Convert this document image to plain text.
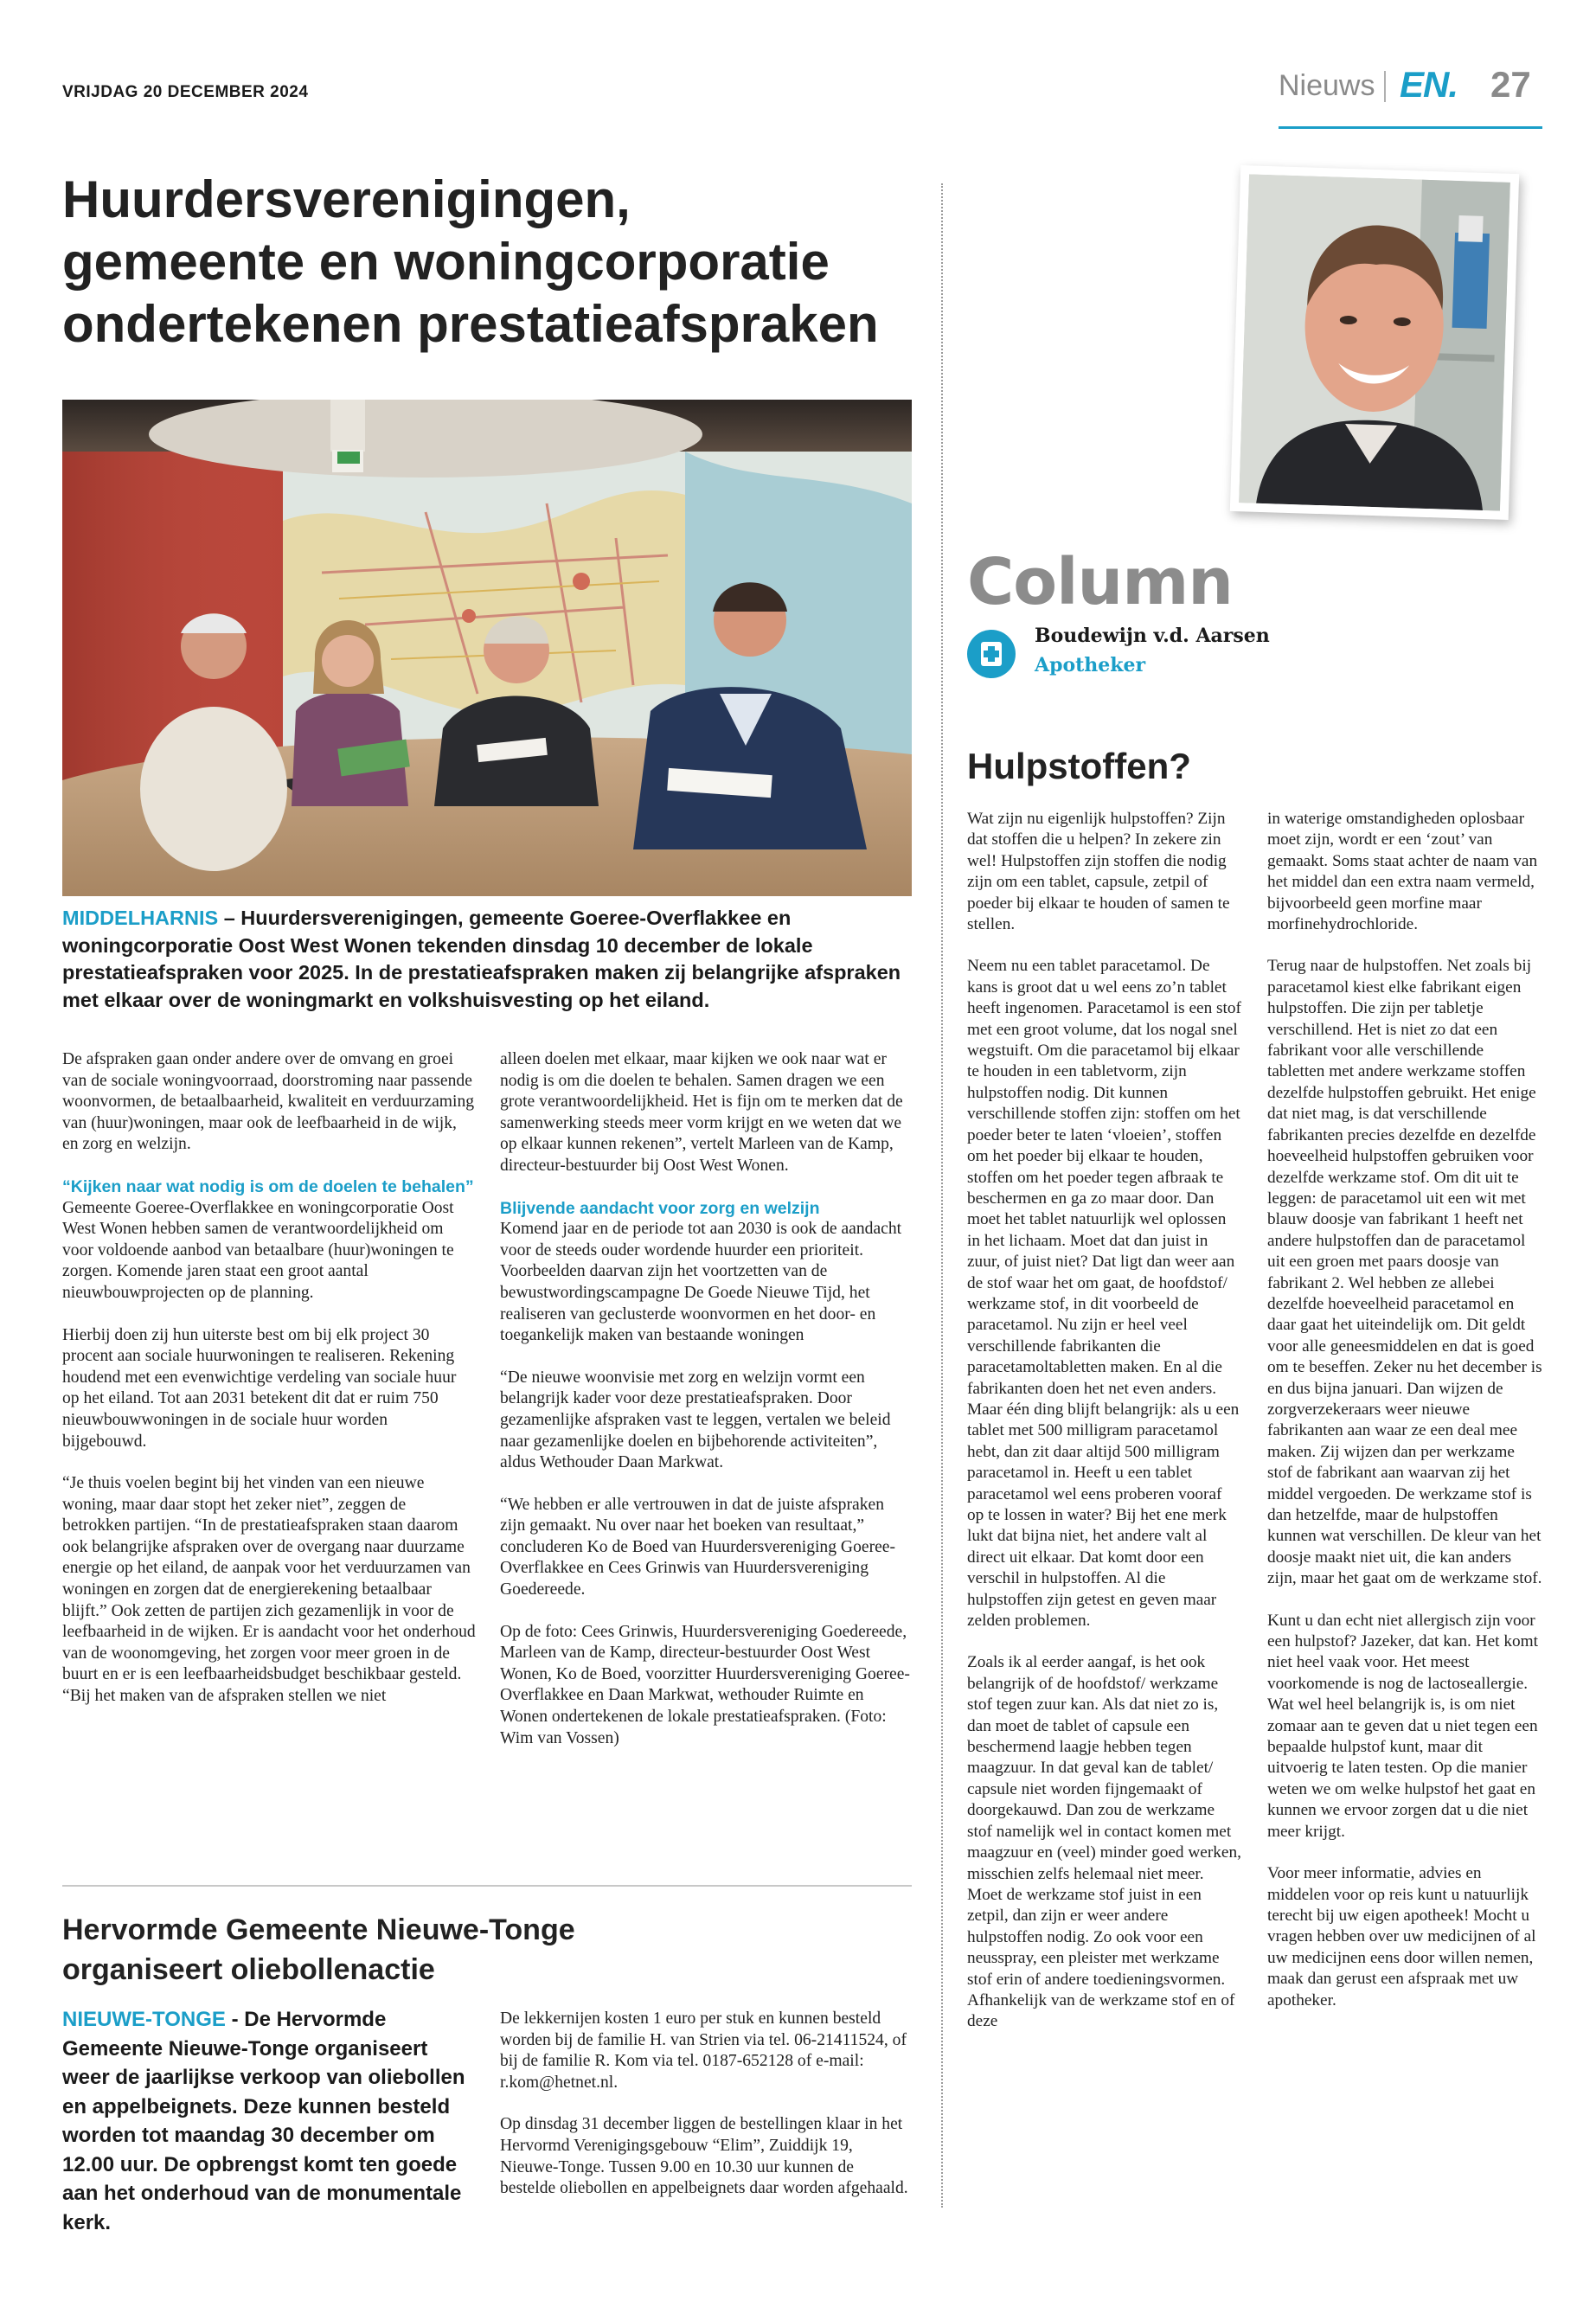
VRIJDAG 20 DECEMBER 2024	Nieuws EN. 27
Huurdersverenigingen,
gemeente en woningcorporatie
ondertekenen prestatieafspraken
MIDDELHARNIS – Huurdersverenigingen, gemeente Goeree-Overflakkee en woningcorporatie Oost West Wonen tekenden dinsdag 10 december de lokale prestatieafspraken voor 2025. In de prestatieafspraken maken zij belangrijke afspraken met elkaar over de woningmarkt en volkshuisvesting op het eiland.

De afspraken gaan onder andere over de omvang en groei van de sociale woningvoorraad, doorstroming naar passende woonvormen, de betaalbaarheid, kwaliteit en verduurzaming van (huur)woningen, maar ook de leefbaarheid in de wijk, en zorg en welzijn.

“Kijken naar wat nodig is om de doelen te behalen”

Gemeente Goeree-Overflakkee en woningcorporatie Oost West Wonen hebben samen de verantwoordelijkheid om voor voldoende aanbod van betaalbare (huur)woningen te zorgen. Komende jaren staat een groot aantal nieuwbouwprojecten op de planning.

Hierbij doen zij hun uiterste best om bij elk project 30 procent aan sociale huurwoningen te realiseren. Rekening houdend met een evenwichtige verdeling van sociale huur op het eiland. Tot aan 2031 betekent dit dat er ruim 750 nieuwbouwwoningen in de sociale huur worden bijgebouwd.

“Je thuis voelen begint bij het vinden van een nieuwe woning, maar daar stopt het zeker niet”, zeggen de betrokken partijen. “In de prestatieafspraken staan daarom ook belangrijke afspraken over de overgang naar duurzame energie op het eiland, de aanpak voor het verduurzamen van woningen en zorgen dat de energierekening betaalbaar blijft.” Ook zetten de partijen zich gezamenlijk in voor de leefbaarheid in de wijken. Er is aandacht voor het onderhoud van de woonomgeving, het zorgen voor meer groen in de buurt en er is een leefbaarheidsbudget beschikbaar gesteld.

“Bij het maken van de afspraken stellen we niet

alleen doelen met elkaar, maar kijken we ook naar wat er nodig is om die doelen te behalen. Samen dragen we een grote verantwoordelijkheid. Het is fijn om te merken dat de samenwerking steeds meer vorm krijgt en we weten dat we op elkaar kunnen rekenen”, vertelt Marleen van de Kamp, directeur-bestuurder bij Oost West Wonen.

Blijvende aandacht voor zorg en welzijn

Komend jaar en de periode tot aan 2030 is ook de aandacht voor de steeds ouder wordende huurder een prioriteit. Voorbeelden daarvan zijn het voortzetten van de bewustwordingscampagne De Goede Nieuwe Tijd, het realiseren van geclusterde woonvormen en het door- en toegankelijk maken van bestaande woningen

“De nieuwe woonvisie met zorg en welzijn vormt een belangrijk kader voor deze prestatieafspraken. Door gezamenlijke afspraken vast te leggen, vertalen we beleid naar gezamenlijke doelen en bijbehorende activiteiten”, aldus Wethouder Daan Markwat.

“We hebben er alle vertrouwen in dat de juiste afspraken zijn gemaakt. Nu over naar het boeken van resultaat,” concluderen Ko de Boed van Huurdersvereniging Goeree-Overflakkee en Cees Grinwis van Huurdersvereniging Goedereede.

Op de foto: Cees Grinwis, Huurdersvereniging Goedereede, Marleen van de Kamp, directeur-bestuurder Oost West Wonen, Ko de Boed, voorzitter Huurdersvereniging Goeree-Overflakkee en Daan Markwat, wethouder Ruimte en Wonen ondertekenen de lokale prestatieafspraken. (Foto: Wim van Vossen)

Hervormde Gemeente Nieuwe-Tonge
organiseert oliebollenactie
NIEUWE-TONGE - De Hervormde Gemeente Nieuwe-Tonge organiseert weer de jaarlijkse verkoop van oliebollen en appelbeignets. Deze kunnen besteld worden tot maandag 30 december om 12.00 uur. De opbrengst komt ten goede aan het onderhoud van de monumentale kerk.

De lekkernijen kosten 1 euro per stuk en kunnen besteld worden bij de familie H. van Strien via tel. 06-21411524, of bij de familie R. Kom via tel. 0187-652128 of e-mail: r.kom@hetnet.nl.

Op dinsdag 31 december liggen de bestellingen klaar in het Hervormd Verenigingsgebouw “Elim”, Zuiddijk 19, Nieuwe-Tonge. Tussen 9.00 en 10.30 uur kunnen de bestelde oliebollen en appelbeignets daar worden afgehaald.

Column
Boudewijn v.d. Aarsen
Apotheker
Hulpstoffen?

Wat zijn nu eigenlijk hulpstoffen? Zijn dat stoffen die u helpen? In zekere zin wel! Hulpstoffen zijn stoffen die nodig zijn om een tablet, capsule, zetpil of poeder bij elkaar te houden of samen te stellen.

Neem nu een tablet paracetamol. De kans is groot dat u wel eens zo’n tablet heeft ingenomen. Paracetamol is een stof met een groot volume, dat los nogal snel wegstuift. Om die paracetamol bij elkaar te houden in een tabletvorm, zijn hulpstoffen nodig. Dit kunnen verschillende stoffen zijn: stoffen om het poeder beter te laten ‘vloeien’, stoffen om het poeder bij elkaar te houden, stoffen om het poeder tegen afbraak te beschermen en ga zo maar door. Dan moet het tablet natuurlijk wel oplossen in het lichaam. Moet dat dan juist in zuur, of juist niet? Dat ligt dan weer aan de stof waar het om gaat, de hoofdstof/ werkzame stof, in dit voorbeeld de paracetamol. Nu zijn er heel veel verschillende fabrikanten die paracetamoltabletten maken. En al die fabrikanten doen het net even anders. Maar één ding blijft belangrijk: als u een tablet met 500 milligram paracetamol hebt, dan zit daar altijd 500 milligram paracetamol in. Heeft u een tablet paracetamol wel eens proberen vooraf op te lossen in water? Bij het ene merk lukt dat bijna niet, het andere valt al direct uit elkaar. Dat komt door een verschil in hulpstoffen. Al die hulpstoffen zijn getest en geven maar zelden problemen.

Zoals ik al eerder aangaf, is het ook belangrijk of de hoofdstof/ werkzame stof tegen zuur kan. Als dat niet zo is, dan moet de tablet of capsule een beschermend laagje hebben tegen maagzuur. In dat geval kan de tablet/ capsule niet worden fijngemaakt of doorgekauwd. Dan zou de werkzame stof namelijk wel in contact komen met maagzuur en (veel) minder goed werken, misschien zelfs helemaal niet meer. Moet de werkzame stof juist in een zetpil, dan zijn er weer andere hulpstoffen nodig. Zo ook voor een neusspray, een pleister met werkzame stof erin of andere toedieningsvormen. Afhankelijk van de werkzame stof en of deze

in waterige omstandigheden oplosbaar moet zijn, wordt er een ‘zout’ van gemaakt. Soms staat achter de naam van het middel dan een extra naam vermeld, bijvoorbeeld geen morfine maar morfinehydrochloride.

Terug naar de hulpstoffen. Net zoals bij paracetamol kiest elke fabrikant eigen hulpstoffen. Die zijn per tabletje verschillend. Het is niet zo dat een fabrikant voor alle verschillende tabletten met andere werkzame stoffen dezelfde hulpstoffen gebruikt. Het enige dat niet mag, is dat verschillende fabrikanten precies dezelfde en dezelfde hoeveelheid hulpstoffen gebruiken voor dezelfde werkzame stof. Om dit uit te leggen: de paracetamol uit een wit met blauw doosje van fabrikant 1 heeft net andere hulpstoffen dan de paracetamol uit een groen met paars doosje van fabrikant 2. Wel hebben ze allebei dezelfde hoeveelheid paracetamol en daar gaat het uiteindelijk om. Dit geldt voor alle geneesmiddelen en dat is goed om te beseffen. Zeker nu het december is en dus bijna januari. Dan wijzen de zorgverzekeraars weer nieuwe fabrikanten aan waar ze een deal mee maken. Zij wijzen dan per werkzame stof de fabrikant aan waarvan zij het middel vergoeden. De werkzame stof is dan hetzelfde, maar de hulpstoffen kunnen wat verschillen. De kleur van het doosje maakt niet uit, die kan anders zijn, maar het gaat om de werkzame stof.

Kunt u dan echt niet allergisch zijn voor een hulpstof? Jazeker, dat kan. Het komt niet heel vaak voor. Het meest voorkomende is nog de lactoseallergie. Wat wel heel belangrijk is, is om niet zomaar aan te geven dat u niet tegen een bepaalde hulpstof kunt, maar dit uitvoerig te laten testen. Op die manier weten we om welke hulpstof het gaat en kunnen we ervoor zorgen dat u die niet meer krijgt.

Voor meer informatie, advies en middelen voor op reis kunt u natuurlijk terecht bij uw eigen apotheek! Mocht u vragen hebben over uw medicijnen of al uw medicijnen eens door willen nemen, maak dan gerust een afspraak met uw apotheker.
